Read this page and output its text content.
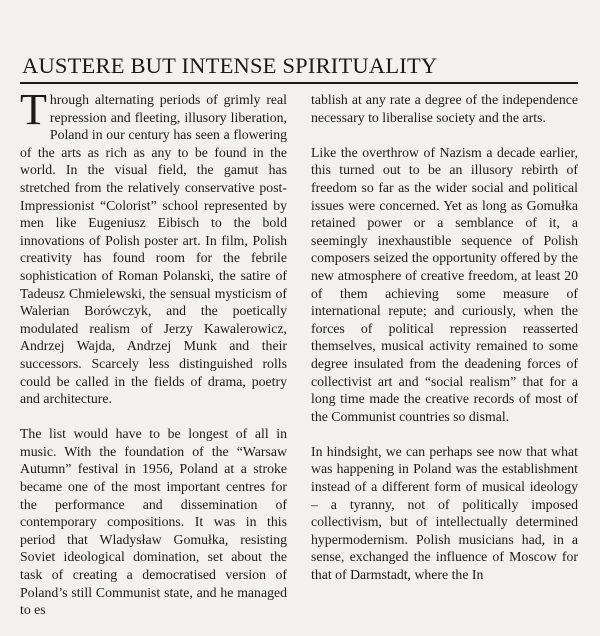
AUSTERE BUT INTENSE SPIRITUALITY

Through alternating periods of grimly real repression and fleeting, illusory liberation, Poland in our century has seen a flowering of the arts as rich as any to be found in the world. In the visual field, the gamut has stretched from the relatively conservative post-Impressionist “Colorist” school represented by men like Eugeniusz Eibisch to the bold innovations of Polish poster art. In film, Polish creativity has found room for the febrile sophistication of Roman Polanski, the satire of Tadeusz Chmielewski, the sensual mysticism of Walerian Borówczyk, and the poetically modulated realism of Jerzy Kawalerowicz, Andrzej Wajda, Andrzej Munk and their successors. Scarcely less distinguished rolls could be called in the fields of drama, poetry and architecture.

The list would have to be longest of all in music. With the foundation of the “Warsaw Autumn” festival in 1956, Poland at a stroke became one of the most important centres for the performance and dissemination of contemporary compositions. It was in this period that Wladysław Gomułka, resisting Soviet ideological domination, set about the task of creating a democratised version of Poland’s still Communist state, and he managed to es

tablish at any rate a degree of the independence necessary to liberalise society and the arts.

Like the overthrow of Nazism a decade earlier, this turned out to be an illusory rebirth of freedom so far as the wider social and political issues were concerned. Yet as long as Gomułka retained power or a semblance of it, a seemingly inexhaustible sequence of Polish composers seized the opportunity offered by the new atmosphere of creative freedom, at least 20 of them achieving some measure of international repute; and curiously, when the forces of political repression reasserted themselves, musical activity remained to some degree insulated from the deadening forces of collectivist art and “social realism” that for a long time made the creative records of most of the Communist countries so dismal.

In hindsight, we can perhaps see now that what was happening in Poland was the establishment instead of a different form of musical ideology – a tyranny, not of politically imposed collectivism, but of intellectually determined hypermodernism. Polish musicians had, in a sense, exchanged the influence of Moscow for that of Darmstadt, where the In
